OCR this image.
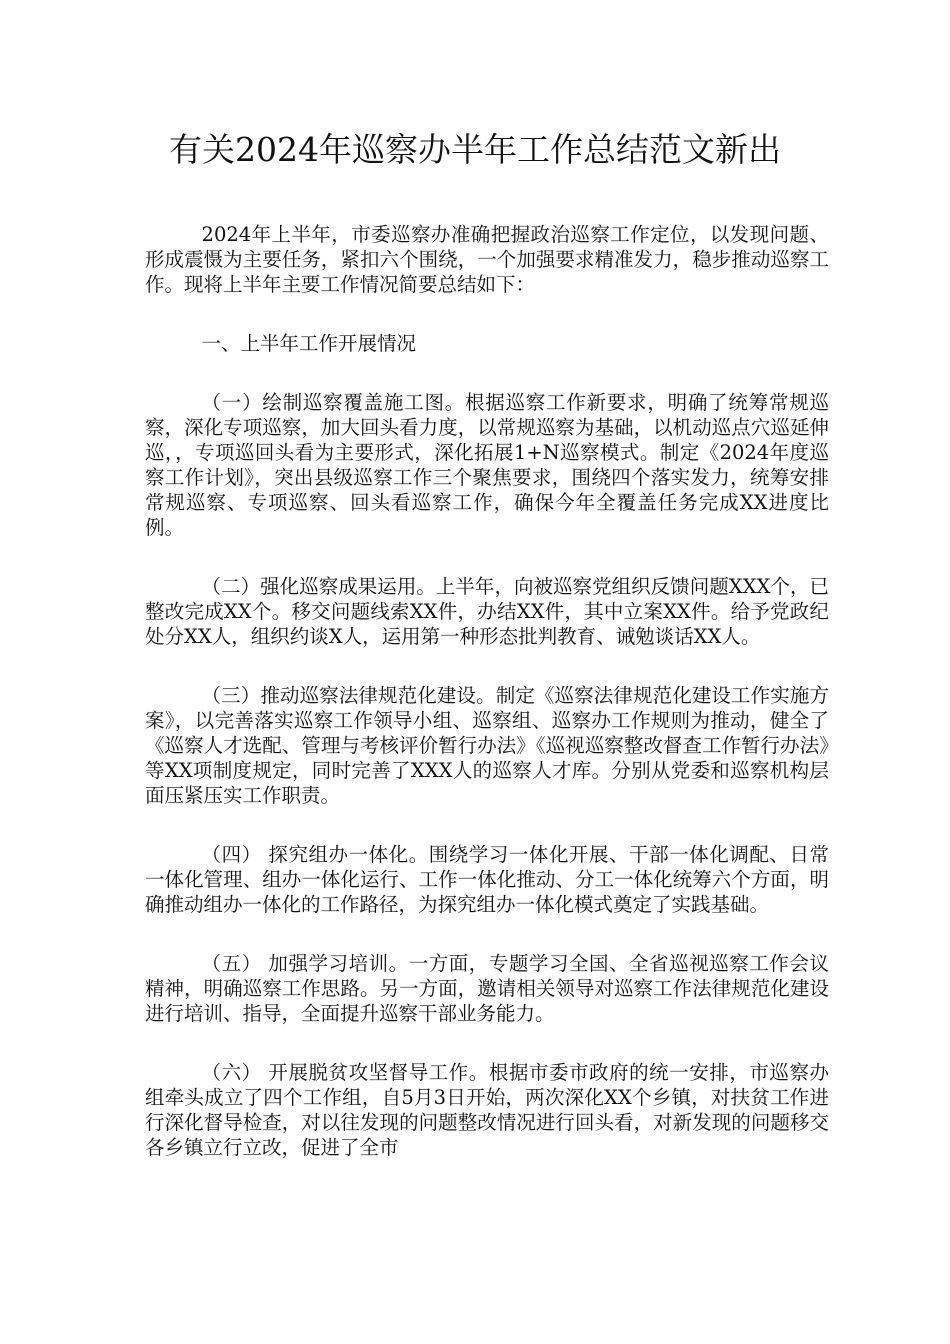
有关2024年巡察办半年工作总结范文新出

2024年上半年，市委巡察办准确把握政治巡察工作定位，以发现问题、形成震慑为主要任务，紧扣六个围绕，一个加强要求精准发力，稳步推动巡察工作。现将上半年主要工作情况简要总结如下：

一、上半年工作开展情况

（一）绘制巡察覆盖施工图。根据巡察工作新要求，明确了统筹常规巡察，深化专项巡察，加大回头看力度，以常规巡察为基础，以机动巡点穴巡延伸巡，，专项巡回头看为主要形式，深化拓展1+N巡察模式。制定《2024年度巡察工作计划》，突出县级巡察工作三个聚焦要求，围绕四个落实发力，统筹安排常规巡察、专项巡察、回头看巡察工作，确保今年全覆盖任务完成XX进度比例。

（二）强化巡察成果运用。上半年，向被巡察党组织反馈问题XXX个，已整改完成XX个。移交问题线索XX件，办结XX件，其中立案XX件。给予党政纪处分XX人，组织约谈X人，运用第一种形态批判教育、诫勉谈话XX人。

（三）推动巡察法律规范化建设。制定《巡察法律规范化建设工作实施方案》，以完善落实巡察工作领导小组、巡察组、巡察办工作规则为推动，健全了《巡察人才选配、管理与考核评价暂行办法》《巡视巡察整改督查工作暂行办法》等XX项制度规定，同时完善了XXX人的巡察人才库。分别从党委和巡察机构层面压紧压实工作职责。

（四） 探究组办一体化。围绕学习一体化开展、干部一体化调配、日常一体化管理、组办一体化运行、工作一体化推动、分工一体化统筹六个方面，明确推动组办一体化的工作路径，为探究组办一体化模式奠定了实践基础。

（五） 加强学习培训。一方面，专题学习全国、全省巡视巡察工作会议精神，明确巡察工作思路。另一方面，邀请相关领导对巡察工作法律规范化建设进行培训、指导，全面提升巡察干部业务能力。

（六） 开展脱贫攻坚督导工作。根据市委市政府的统一安排，市巡察办组牵头成立了四个工作组，自5月3日开始，两次深化XX个乡镇，对扶贫工作进行深化督导检查，对以往发现的问题整改情况进行回头看，对新发现的问题移交各乡镇立行立改，促进了全市
